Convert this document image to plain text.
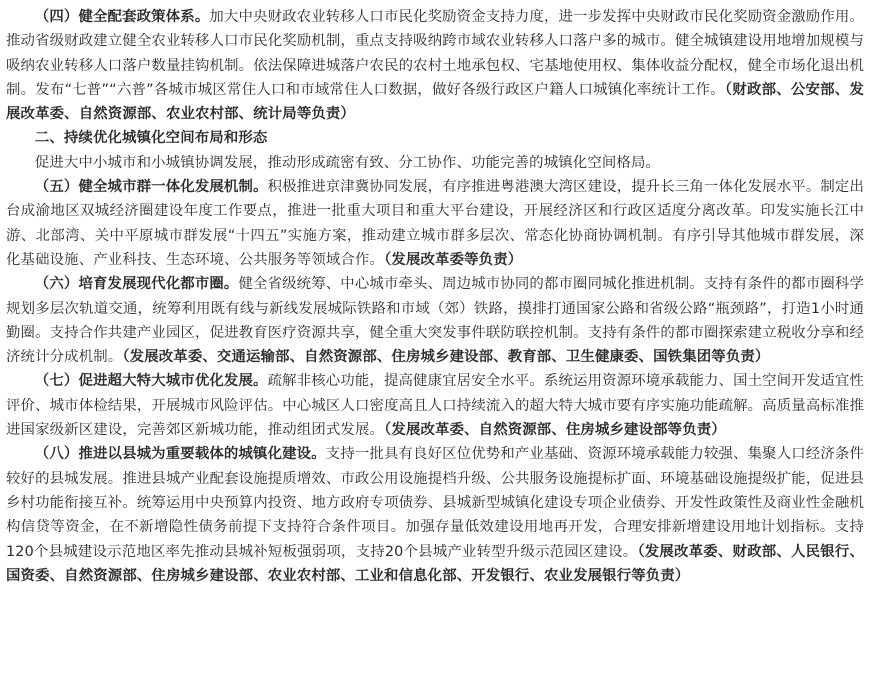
（四）健全配套政策体系。加大中央财政农业转移人口市民化奖励资金支持力度，进一步发挥中央财政市民化奖励资金激励作用。推动省级财政建立健全农业转移人口市民化奖励机制，重点支持吸纳跨市域农业转移人口落户多的城市。健全城镇建设用地增加规模与吸纳农业转移人口落户数量挂钩机制。依法保障进城落户农民的农村土地承包权、宅基地使用权、集体收益分配权，健全市场化退出机制。发布“七普”“六普”各城市城区常住人口和市域常住人口数据，做好各级行政区户籍人口城镇化率统计工作。（财政部、公安部、发展改革委、自然资源部、农业农村部、统计局等负责）

二、持续优化城镇化空间布局和形态

促进大中小城市和小城镇协调发展，推动形成疏密有致、分工协作、功能完善的城镇化空间格局。

（五）健全城市群一体化发展机制。积极推进京津冀协同发展，有序推进粤港澳大湾区建设，提升长三角一体化发展水平。制定出台成渝地区双城经济圈建设年度工作要点，推进一批重大项目和重大平台建设，开展经济区和行政区适度分离改革。印发实施长江中游、北部湾、关中平原城市群发展“十四五”实施方案，推动建立城市群多层次、常态化协商协调机制。有序引导其他城市群发展，深化基础设施、产业科技、生态环境、公共服务等领域合作。（发展改革委等负责）

（六）培育发展现代化都市圈。健全省级统筹、中心城市牵头、周边城市协同的都市圈同城化推进机制。支持有条件的都市圈科学规划多层次轨道交通，统筹利用既有线与新线发展城际铁路和市域（郊）铁路，摸排打通国家公路和省级公路“瓶颈路”，打造1小时通勤圈。支持合作共建产业园区，促进教育医疗资源共享，健全重大突发事件联防联控机制。支持有条件的都市圈探索建立税收分享和经济统计分成机制。（发展改革委、交通运输部、自然资源部、住房城乡建设部、教育部、卫生健康委、国铁集团等负责）

（七）促进超大特大城市优化发展。疏解非核心功能，提高健康宜居安全水平。系统运用资源环境承载能力、国土空间开发适宜性评价、城市体检结果，开展城市风险评估。中心城区人口密度高且人口持续流入的超大特大城市要有序实施功能疏解。高质量高标准推进国家级新区建设，完善郊区新城功能，推动组团式发展。（发展改革委、自然资源部、住房城乡建设部等负责）

（八）推进以县城为重要载体的城镇化建设。支持一批具有良好区位优势和产业基础、资源环境承载能力较强、集聚人口经济条件较好的县城发展。推进县城产业配套设施提质增效、市政公用设施提档升级、公共服务设施提标扩面、环境基础设施提级扩能，促进县乡村功能衔接互补。统筹运用中央预算内投资、地方政府专项债券、县城新型城镇化建设专项企业债券、开发性政策性及商业性金融机构信贷等资金，在不新增隐性债务前提下支持符合条件项目。加强存量低效建设用地再开发，合理安排新增建设用地计划指标。支持120个县城建设示范地区率先推动县城补短板强弱项，支持20个县城产业转型升级示范园区建设。（发展改革委、财政部、人民银行、国资委、自然资源部、住房城乡建设部、农业农村部、工业和信息化部、开发银行、农业发展银行等负责）
